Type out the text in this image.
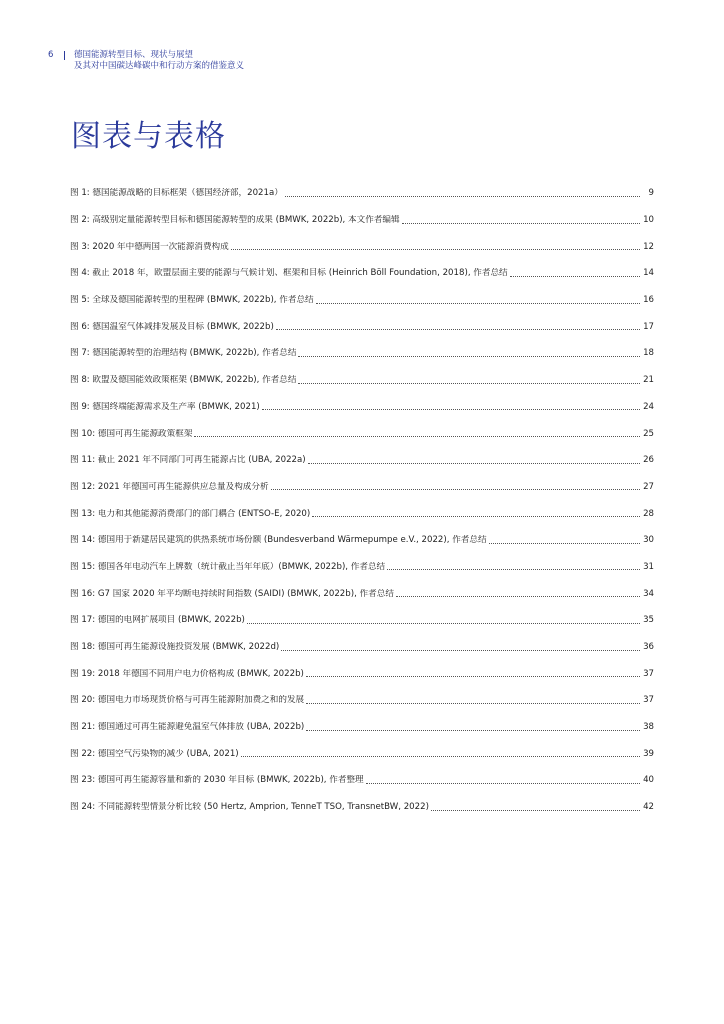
6	德国能源转型目标、现状与展望
及其对中国碳达峰碳中和行动方案的借鉴意义
图表与表格
图 1: 德国能源战略的目标框架（德国经济部，2021a）	9
图 2: 高级别定量能源转型目标和德国能源转型的成果 (BMWK, 2022b), 本文作者编辑	10
图 3: 2020 年中德两国一次能源消费构成	12
图 4: 截止 2018 年，欧盟层面主要的能源与气候计划、框架和目标 (Heinrich Böll Foundation, 2018), 作者总结	14
图 5: 全球及德国能源转型的里程碑 (BMWK, 2022b), 作者总结	16
图 6: 德国温室气体减排发展及目标 (BMWK, 2022b)	17
图 7: 德国能源转型的治理结构 (BMWK, 2022b), 作者总结	18
图 8: 欧盟及德国能效政策框架 (BMWK, 2022b), 作者总结	21
图 9: 德国终端能源需求及生产率 (BMWK, 2021)	24
图 10: 德国可再生能源政策框架	25
图 11: 截止 2021 年不同部门可再生能源占比 (UBA, 2022a)	26
图 12: 2021 年德国可再生能源供应总量及构成分析	27
图 13: 电力和其他能源消费部门的部门耦合 (ENTSO-E, 2020)	28
图 14: 德国用于新建居民建筑的供热系统市场份额 (Bundesverband Wärmepumpe e.V., 2022), 作者总结	30
图 15: 德国各年电动汽车上牌数（统计截止当年年底）(BMWK, 2022b), 作者总结	31
图 16: G7 国家 2020 年平均断电持续时间指数 (SAIDI) (BMWK, 2022b), 作者总结	34
图 17: 德国的电网扩展项目 (BMWK, 2022b)	35
图 18: 德国可再生能源设施投资发展 (BMWK, 2022d)	36
图 19: 2018 年德国不同用户电力价格构成 (BMWK, 2022b)	37
图 20: 德国电力市场现货价格与可再生能源附加费之和的发展	37
图 21: 德国通过可再生能源避免温室气体排放 (UBA, 2022b)	38
图 22: 德国空气污染物的减少 (UBA, 2021)	39
图 23: 德国可再生能源容量和新的 2030 年目标 (BMWK, 2022b), 作者整理	40
图 24: 不同能源转型情景分析比较 (50 Hertz, Amprion, TenneT TSO, TransnetBW, 2022)	42
